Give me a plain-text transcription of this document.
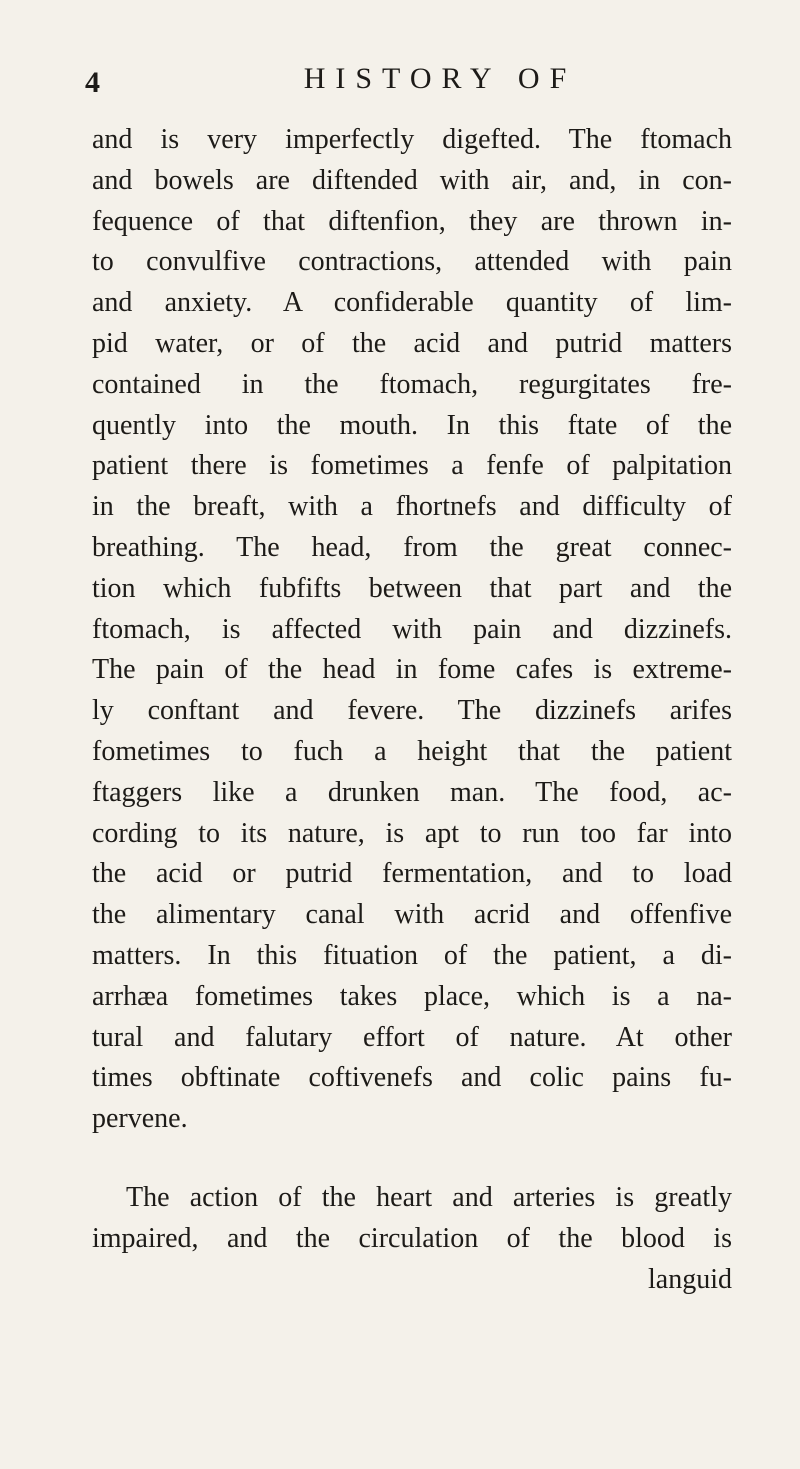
4	HISTORY OF
and is very imperfectly digefted. The ftomach
and bowels are diftended with air, and, in con-
fequence of that diftenfion, they are thrown in-
to convulfive contractions, attended with pain
and anxiety. A confiderable quantity of lim-
pid water, or of the acid and putrid matters
contained in the ftomach, regurgitates fre-
quently into the mouth. In this ftate of the
patient there is fometimes a fenfe of palpitation
in the breaft, with a fhortnefs and difficulty of
breathing. The head, from the great connec-
tion which fubfifts between that part and the
ftomach, is affected with pain and dizzinefs.
The pain of the head in fome cafes is extreme-
ly conftant and fevere. The dizzinefs arifes
fometimes to fuch a height that the patient
ftaggers like a drunken man. The food, ac-
cording to its nature, is apt to run too far into
the acid or putrid fermentation, and to load
the alimentary canal with acrid and offenfive
matters. In this fituation of the patient, a di-
arrhæa fometimes takes place, which is a na-
tural and falutary effort of nature. At other
times obftinate coftivenefs and colic pains fu-
pervene.
The action of the heart and arteries is greatly
impaired, and the circulation of the blood is
languid
